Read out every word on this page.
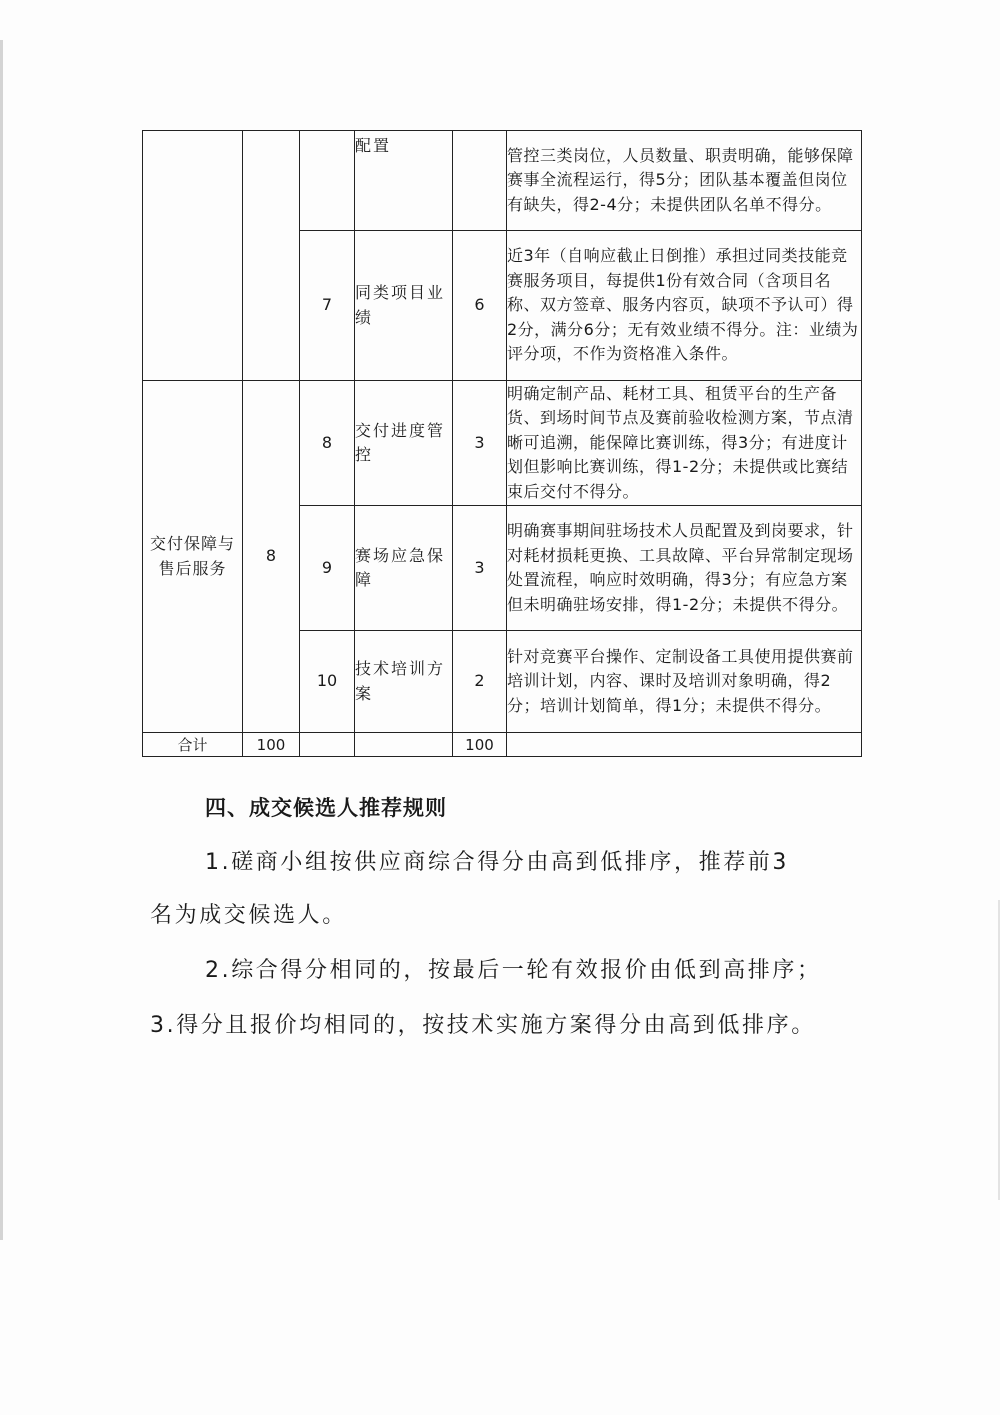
			配置		管控三类岗位，人员数量、职责明确，能够保障赛事全流程运行，得5分；团队基本覆盖但岗位有缺失，得2-4分；未提供团队名单不得分。
		7	同类项目业绩	6	近3年（自响应截止日倒推）承担过同类技能竞赛服务项目，每提供1份有效合同（含项目名称、双方签章、服务内容页，缺项不予认可）得2分，满分6分；无有效业绩不得分。注：业绩为评分项，不作为资格准入条件。
交付保障与售后服务	8	8	交付进度管控	3	明确定制产品、耗材工具、租赁平台的生产备货、到场时间节点及赛前验收检测方案，节点清晰可追溯，能保障比赛训练，得3分；有进度计划但影响比赛训练，得1-2分；未提供或比赛结束后交付不得分。
		9	赛场应急保障	3	明确赛事期间驻场技术人员配置及到岗要求，针对耗材损耗更换、工具故障、平台异常制定现场处置流程，响应时效明确，得3分；有应急方案但未明确驻场安排，得1-2分；未提供不得分。
		10	技术培训方案	2	针对竞赛平台操作、定制设备工具使用提供赛前培训计划，内容、课时及培训对象明确，得2分；培训计划简单，得1分；未提供不得分。
合计	100			100	
四、成交候选人推荐规则
1.磋商小组按供应商综合得分由高到低排序，推荐前3
名为成交候选人。
2.综合得分相同的，按最后一轮有效报价由低到高排序；
3.得分且报价均相同的，按技术实施方案得分由高到低排序。
